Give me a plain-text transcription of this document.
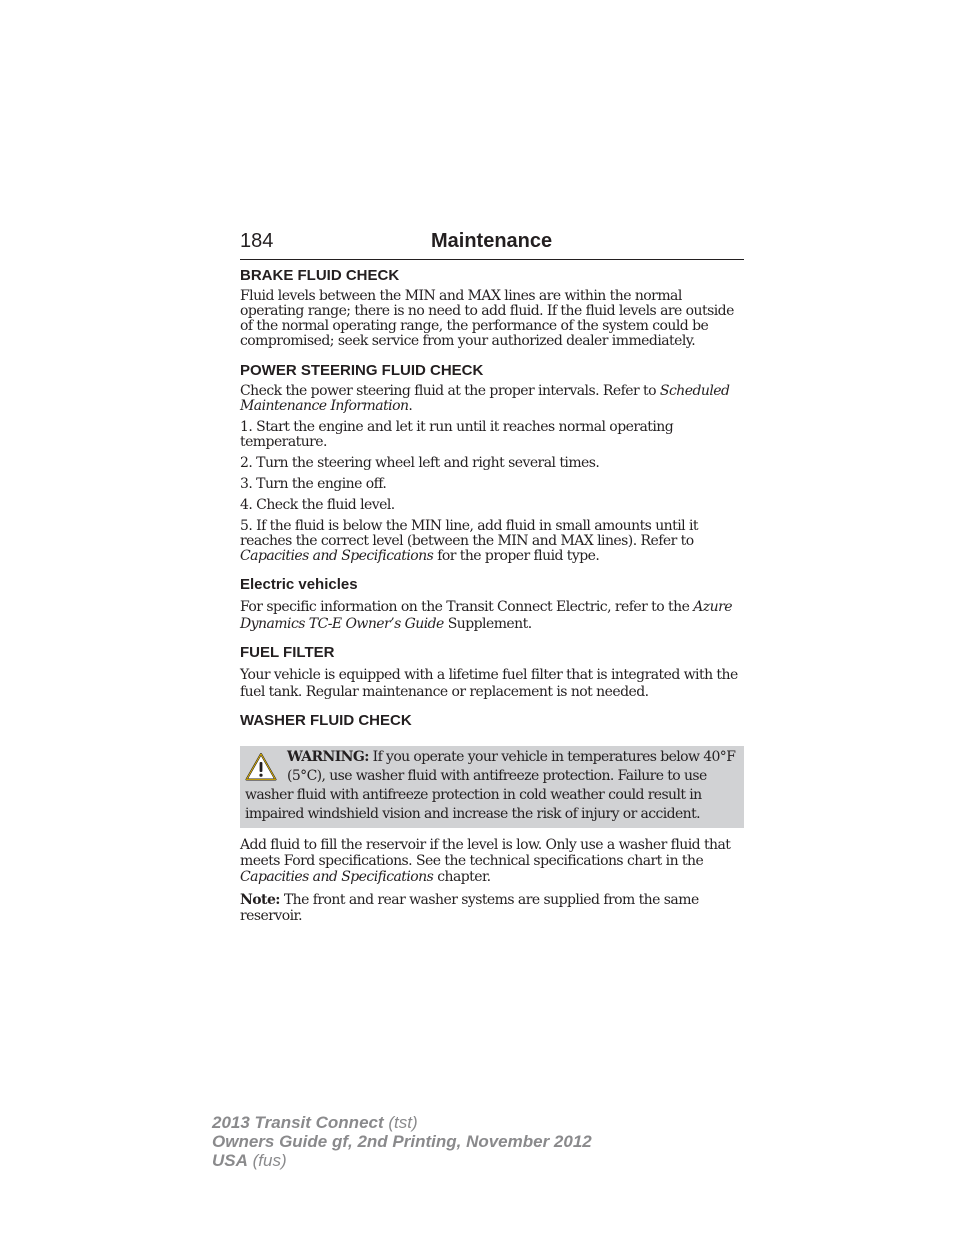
184	Maintenance
BRAKE FLUID CHECK

Fluid levels between the MIN and MAX lines are within the normal operating range; there is no need to add fluid. If the fluid levels are outside of the normal operating range, the performance of the system could be compromised; seek service from your authorized dealer immediately.

POWER STEERING FLUID CHECK

Check the power steering fluid at the proper intervals. Refer to Scheduled Maintenance Information.

1. Start the engine and let it run until it reaches normal operating temperature.

2. Turn the steering wheel left and right several times.

3. Turn the engine off.

4. Check the fluid level.

5. If the fluid is below the MIN line, add fluid in small amounts until it reaches the correct level (between the MIN and MAX lines). Refer to Capacities and Specifications for the proper fluid type.

Electric vehicles

For specific information on the Transit Connect Electric, refer to the Azure Dynamics TC-E Owner’s Guide Supplement.

FUEL FILTER

Your vehicle is equipped with a lifetime fuel filter that is integrated with the fuel tank. Regular maintenance or replacement is not needed.

WASHER FLUID CHECK

WARNING: If you operate your vehicle in temperatures below 40°F (5°C), use washer fluid with antifreeze protection. Failure to use washer fluid with antifreeze protection in cold weather could result in impaired windshield vision and increase the risk of injury or accident.

Add fluid to fill the reservoir if the level is low. Only use a washer fluid that meets Ford specifications. See the technical specifications chart in the Capacities and Specifications chapter.

Note: The front and rear washer systems are supplied from the same reservoir.

2013 Transit Connect (tst)
Owners Guide gf, 2nd Printing, November 2012
USA (fus)
